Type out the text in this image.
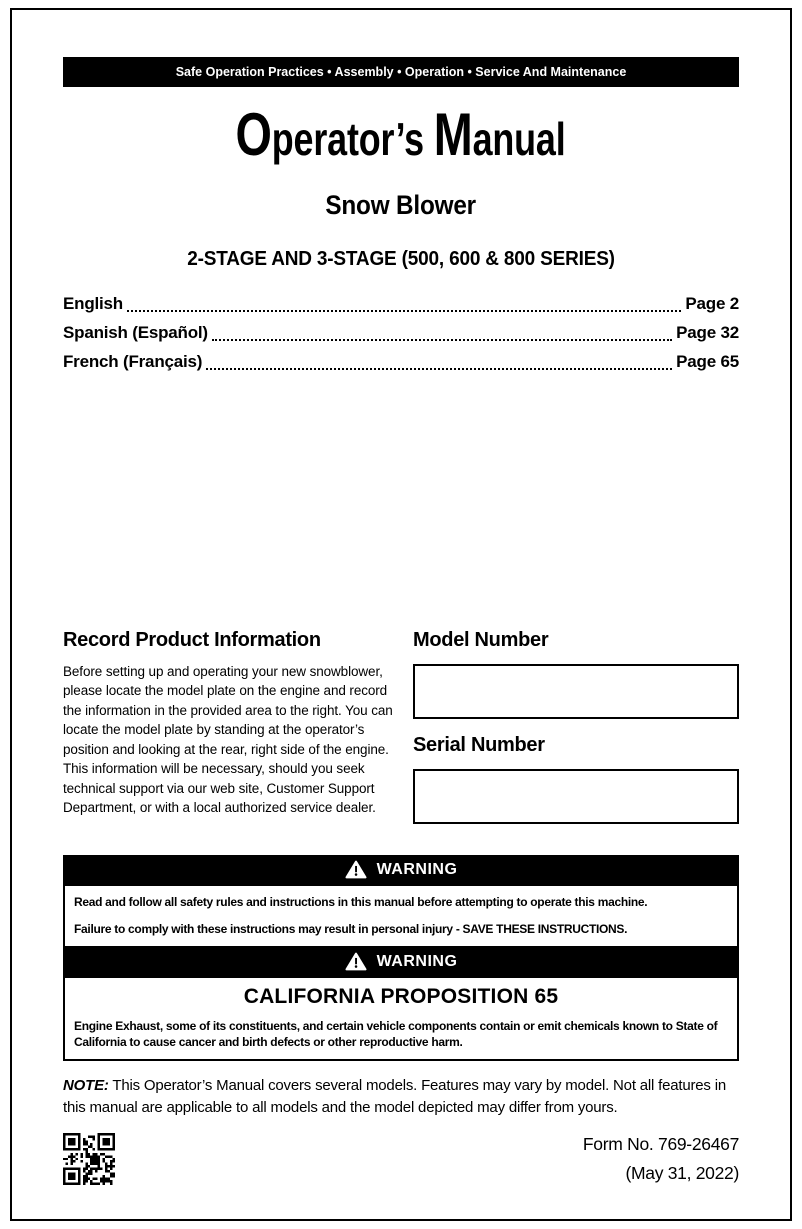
Safe Operation Practices • Assembly • Operation • Service And Maintenance
Operator’s Manual
Snow Blower
2-STAGE AND 3-STAGE (500, 600 & 800 SERIES)
English	Page 2
Spanish (Español)	Page 32
French (Français)	Page 65
Record Product Information
Before setting up and operating your new snowblower, please locate the model plate on the engine and record the information in the provided area to the right. You can locate the model plate by standing at the operator’s position and looking at the rear, right side of the engine. This information will be necessary, should you seek technical support via our web site, Customer Support Department, or with a local authorized service dealer.
Model Number
Serial Number
WARNING

Read and follow all safety rules and instructions in this manual before attempting to operate this machine.

Failure to comply with these instructions may result in personal injury - SAVE THESE INSTRUCTIONS.

WARNING
CALIFORNIA PROPOSITION 65
Engine Exhaust, some of its constituents, and certain vehicle components contain or emit chemicals known to State of California to cause cancer and birth defects or other reproductive harm.

NOTE: This Operator’s Manual covers several models. Features may vary by model. Not all features in this manual are applicable to all models and the model depicted may differ from yours.

Form No. 769-26467
(May 31, 2022)
